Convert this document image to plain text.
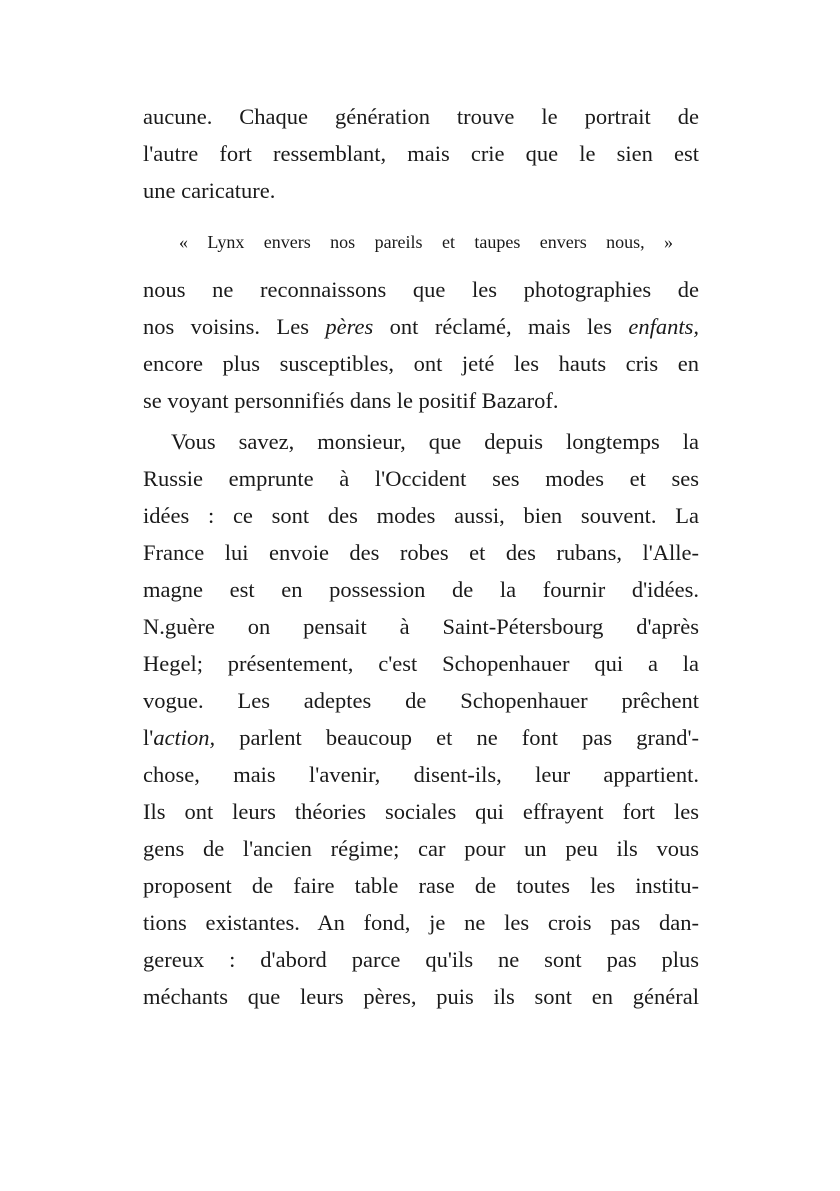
aucune. Chaque génération trouve le portrait de
l'autre fort ressemblant, mais crie que le sien est
une caricature.
« Lynx envers nos pareils et taupes envers nous, »
nous ne reconnaissons que les photographies de
nos voisins. Les pères ont réclamé, mais les enfants,
encore plus susceptibles, ont jeté les hauts cris en
se voyant personnifiés dans le positif Bazarof.
Vous savez, monsieur, que depuis longtemps la
Russie emprunte à l'Occident ses modes et ses
idées : ce sont des modes aussi, bien souvent. La
France lui envoie des robes et des rubans, l'Alle-
magne est en possession de la fournir d'idées.
N.guère on pensait à Saint-Pétersbourg d'après
Hegel; présentement, c'est Schopenhauer qui a la
vogue. Les adeptes de Schopenhauer prêchent
l'action, parlent beaucoup et ne font pas grand'-
chose, mais l'avenir, disent-ils, leur appartient.
Ils ont leurs théories sociales qui effrayent fort les
gens de l'ancien régime; car pour un peu ils vous
proposent de faire table rase de toutes les institu-
tions existantes. An fond, je ne les crois pas dan-
gereux : d'abord parce qu'ils ne sont pas plus
méchants que leurs pères, puis ils sont en général
